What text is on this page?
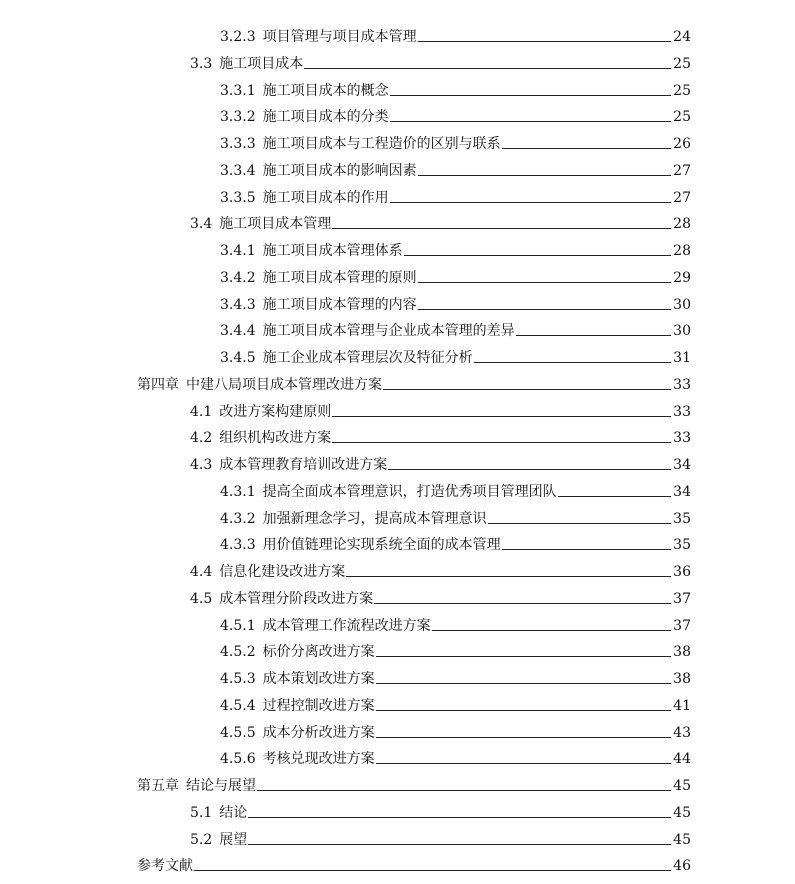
3.2.3 项目管理与项目成本管理	24
3.3 施工项目成本	25
3.3.1 施工项目成本的概念	25
3.3.2 施工项目成本的分类	25
3.3.3 施工项目成本与工程造价的区别与联系	26
3.3.4 施工项目成本的影响因素	27
3.3.5 施工项目成本的作用	27
3.4 施工项目成本管理	28
3.4.1 施工项目成本管理体系	28
3.4.2 施工项目成本管理的原则	29
3.4.3 施工项目成本管理的内容	30
3.4.4 施工项目成本管理与企业成本管理的差异	30
3.4.5 施工企业成本管理层次及特征分析	31
第四章 中建八局项目成本管理改进方案	33
4.1 改进方案构建原则	33
4.2 组织机构改进方案	33
4.3 成本管理教育培训改进方案	34
4.3.1 提高全面成本管理意识，打造优秀项目管理团队	34
4.3.2 加强新理念学习，提高成本管理意识	35
4.3.3 用价值链理论实现系统全面的成本管理	35
4.4 信息化建设改进方案	36
4.5 成本管理分阶段改进方案	37
4.5.1 成本管理工作流程改进方案	37
4.5.2 标价分离改进方案	38
4.5.3 成本策划改进方案	38
4.5.4 过程控制改进方案	41
4.5.5 成本分析改进方案	43
4.5.6 考核兑现改进方案	44
第五章 结论与展望	45
5.1 结论	45
5.2 展望	45
参考文献	46
